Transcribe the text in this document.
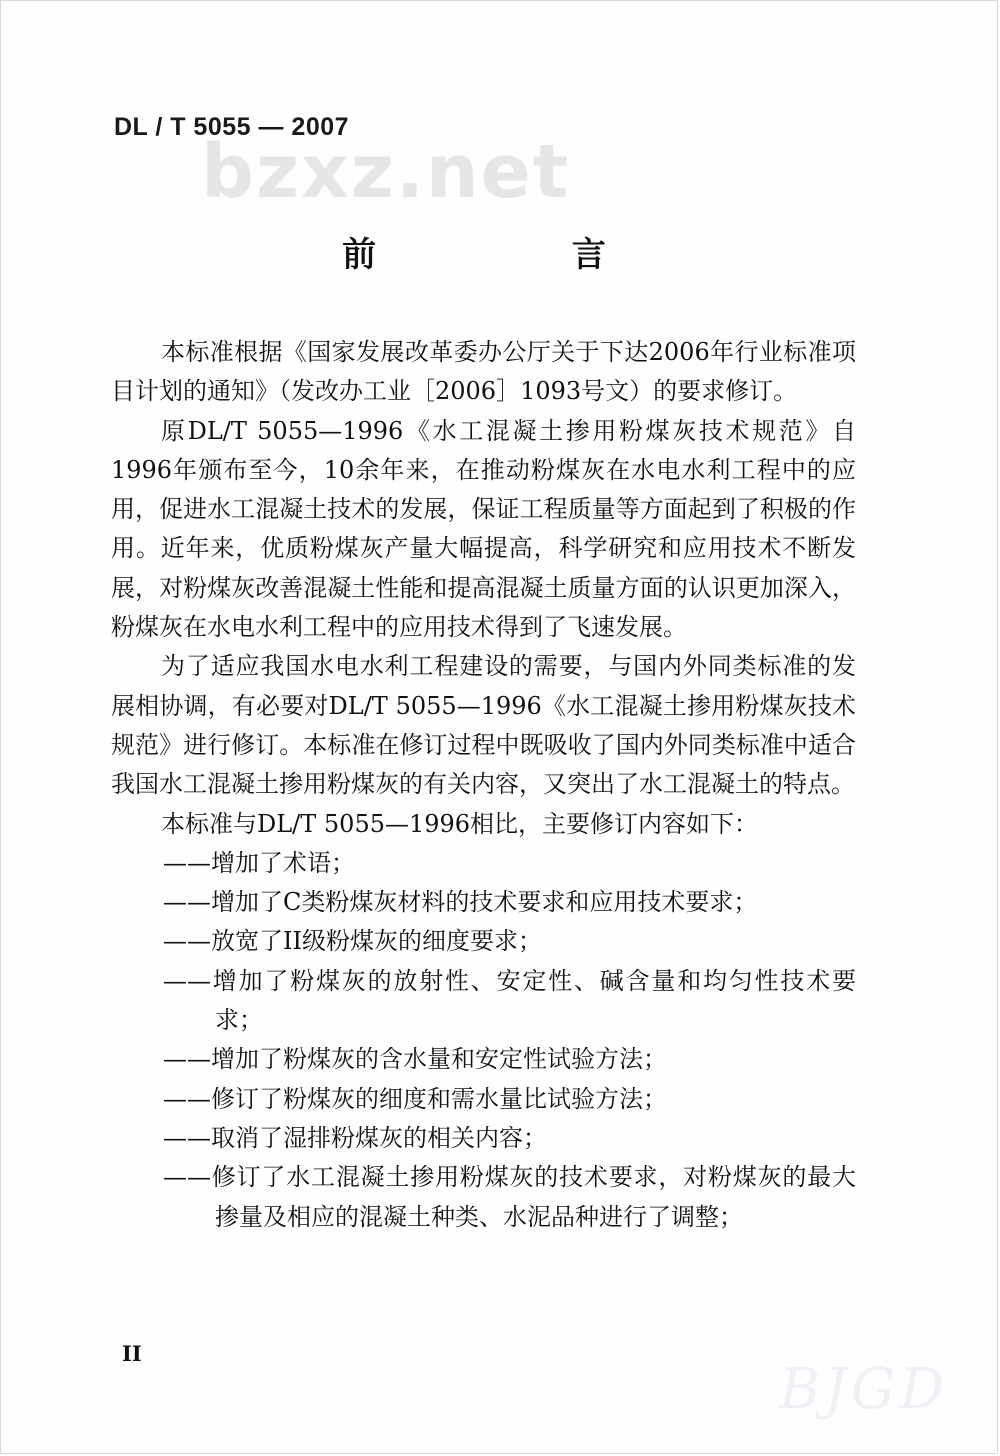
DL / T 5055 — 2007
bzxz.net
前 言

本标准根据《国家发展改革委办公厅关于下达2006年行业标准项目计划的通知》（发改办工业［2006］1093号文）的要求修订。

原DL/T 5055—1996《水工混凝土掺用粉煤灰技术规范》自1996年颁布至今，10余年来，在推动粉煤灰在水电水利工程中的应用，促进水工混凝土技术的发展，保证工程质量等方面起到了积极的作用。近年来，优质粉煤灰产量大幅提高，科学研究和应用技术不断发展，对粉煤灰改善混凝土性能和提高混凝土质量方面的认识更加深入，粉煤灰在水电水利工程中的应用技术得到了飞速发展。

为了适应我国水电水利工程建设的需要，与国内外同类标准的发展相协调，有必要对DL/T 5055—1996《水工混凝土掺用粉煤灰技术规范》进行修订。本标准在修订过程中既吸收了国内外同类标准中适合我国水工混凝土掺用粉煤灰的有关内容，又突出了水工混凝土的特点。

本标准与DL/T 5055—1996相比，主要修订内容如下：

——增加了术语；
——增加了C类粉煤灰材料的技术要求和应用技术要求；
——放宽了II级粉煤灰的细度要求；
——增加了粉煤灰的放射性、安定性、碱含量和均匀性技术要求；
——增加了粉煤灰的含水量和安定性试验方法；
——修订了粉煤灰的细度和需水量比试验方法；
——取消了湿排粉煤灰的相关内容；
——修订了水工混凝土掺用粉煤灰的技术要求，对粉煤灰的最大掺量及相应的混凝土种类、水泥品种进行了调整；
II
BJGD
